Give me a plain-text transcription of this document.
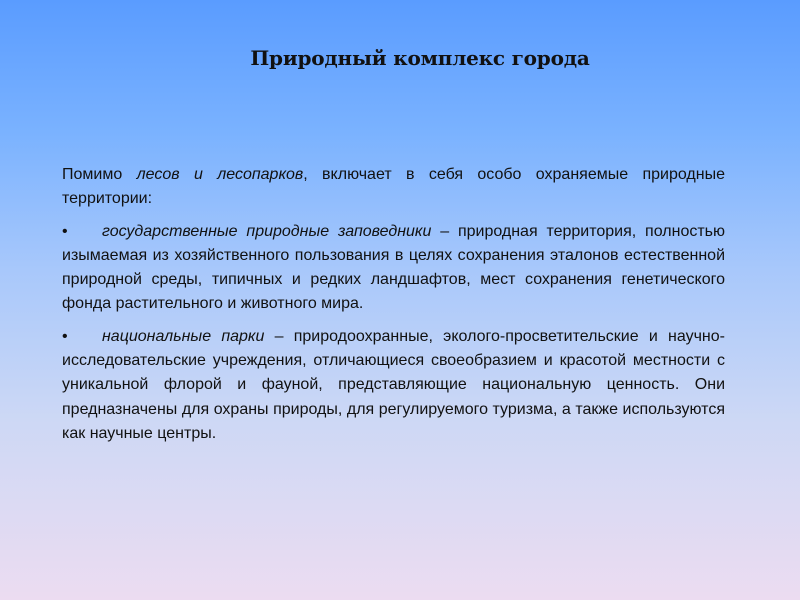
Природный комплекс города

Помимо лесов и лесопарков, включает в себя особо охраняемые природные территории:

• государственные природные заповедники – природная территория, полностью изымаемая из хозяйственного пользования в целях сохранения эталонов естественной природной среды, типичных и редких ландшафтов, мест сохранения генетического фонда растительного и животного мира.

• национальные парки – природоохранные, эколого-просветительские и научно-исследовательские учреждения, отличающиеся своеобразием и красотой местности с уникальной флорой и фауной, представляющие национальную ценность. Они предназначены для охраны природы, для регулируемого туризма, а также используются как научные центры.
